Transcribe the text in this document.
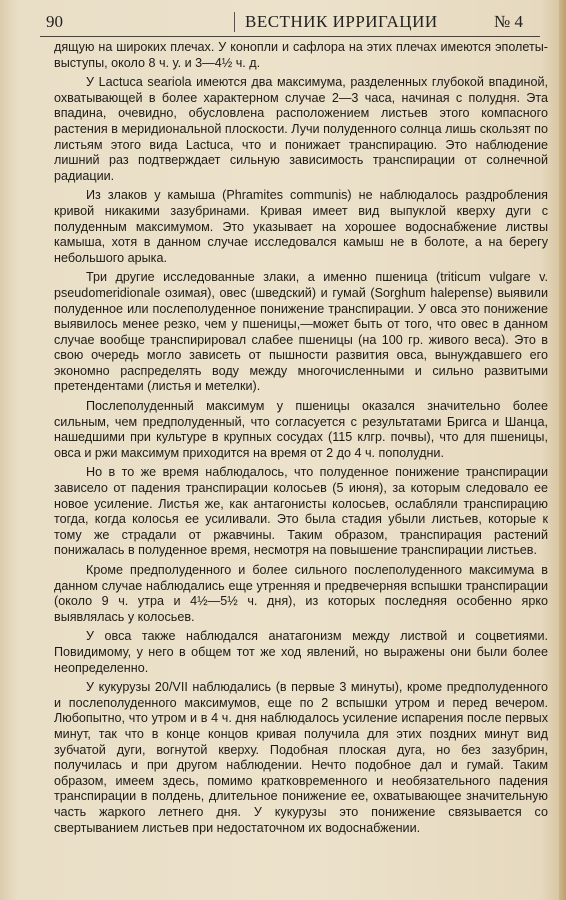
90	ВЕСТНИК ИРРИГАЦИИ	№ 4

дящую на широких плечах. У конопли и сафлора на этих плечах имеются эполеты-выступы, около 8 ч. у. и 3—4½ ч. д.

У Lactuca seariola имеются два максимума, разделенных глубокой впадиной, охватывающей в более характерном случае 2—3 часа, начиная с полудня. Эта впадина, очевидно, обусловлена расположением листьев этого компасного растения в меридиональной плоскости. Лучи полуденного солнца лишь скользят по листьям этого вида Lactuca, что и понижает транспирацию. Это наблюдение лишний раз подтверждает сильную зависимость транспирации от солнечной радиации.

Из злаков у камыша (Phramites communis) не наблюдалось раздробления кривой никакими зазубринами. Кривая имеет вид выпуклой кверху дуги с полуденным максимумом. Это указывает на хорошее водоснабжение листвы камыша, хотя в данном случае исследовался камыш не в болоте, а на берегу небольшого арыка.

Три другие исследованные злаки, а именно пшеница (triticum vulgare v. pseudomeridionale озимая), овес (шведский) и гумай (Sorghum halepense) выявили полуденное или послеполуденное понижение транспирации. У овса это понижение выявилось менее резко, чем у пшеницы,—может быть от того, что овес в данном случае вообще транспирировал слабее пшеницы (на 100 гр. живого веса). Это в свою очередь могло зависеть от пышности развития овса, вынуждавшего его экономно распределять воду между многочисленными и сильно развитыми претендентами (листья и метелки).

Послеполуденный максимум у пшеницы оказался значительно более сильным, чем предполуденный, что согласуется с результатами Бригса и Шанца, нашедшими при культуре в крупных сосудах (115 клгр. почвы), что для пшеницы, овса и ржи максимум приходится на время от 2 до 4 ч. пополудни.

Но в то же время наблюдалось, что полуденное понижение транспирации зависело от падения транспирации колосьев (5 июня), за которым следовало ее новое усиление. Листья же, как антагонисты колосьев, ослабляли транспирацию тогда, когда колосья ее усиливали. Это была стадия убыли листьев, которые к тому же страдали от ржавчины. Таким образом, транспирация растений понижалась в полуденное время, несмотря на повышение транспирации листьев.

Кроме предполуденного и более сильного послеполуденного максимума в данном случае наблюдались еще утренняя и предвечерняя вспышки транспирации (около 9 ч. утра и 4½—5½ ч. дня), из которых последняя особенно ярко выявлялась у колосьев.

У овса также наблюдался анатагонизм между листвой и соцветиями. Повидимому, у него в общем тот же ход явлений, но выражены они были более неопределенно.

У кукурузы 20/VII наблюдались (в первые 3 минуты), кроме предполуденного и послеполуденного максимумов, еще по 2 вспышки утром и перед вечером. Любопытно, что утром и в 4 ч. дня наблюдалось усиление испарения после первых минут, так что в конце концов кривая получила для этих поздних минут вид зубчатой дуги, вогнутой кверху. Подобная плоская дуга, но без зазубрин, получилась и при другом наблюдении. Нечто подобное дал и гумай. Таким образом, имеем здесь, помимо кратковременного и необязательного падения транспирации в полдень, длительное понижение ее, охватывающее значительную часть жаркого летнего дня. У кукурузы это понижение связывается со свертыванием листьев при недостаточном их водоснабжении.
